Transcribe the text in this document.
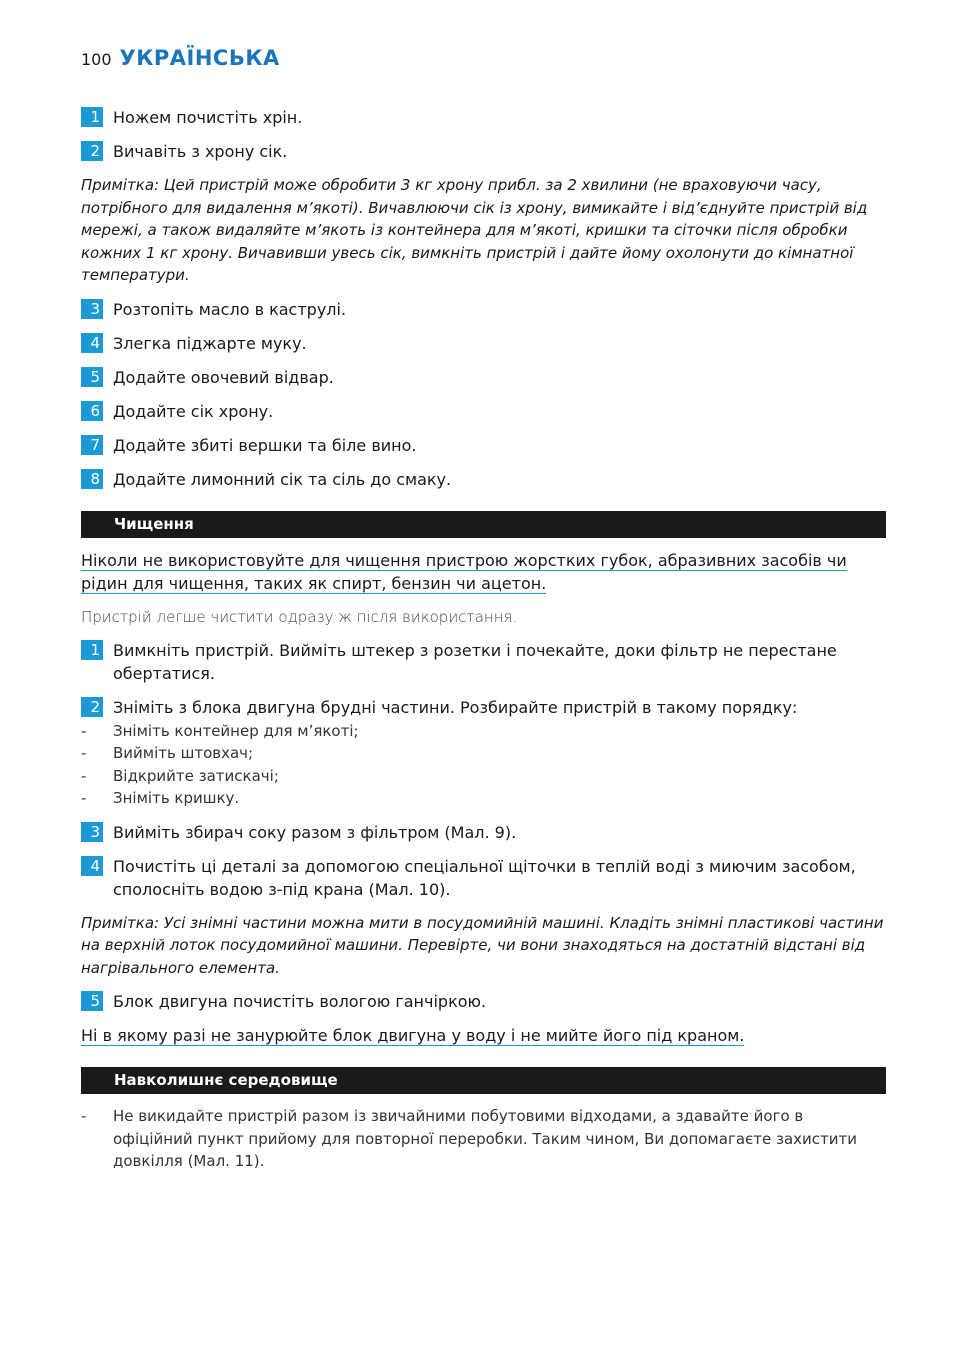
100 УКРАЇНСЬКА
1 Ножем почистіть хрін.
2 Вичавіть з хрону сік.

Примітка: Цей пристрій може обробити 3 кг хрону прибл. за 2 хвилини (не враховуючи часу, потрібного для видалення м’якоті). Вичавлюючи сік із хрону, вимикайте і від’єднуйте пристрій від мережі, а також видаляйте м’якоть із контейнера для м’якоті, кришки та сіточки після обробки кожних 1 кг хрону. Вичавивши увесь сік, вимкніть пристрій і дайте йому охолонути до кімнатної температури.

3 Розтопіть масло в каструлі.
4 Злегка піджарте муку.
5 Додайте овочевий відвар.
6 Додайте сік хрону.
7 Додайте збиті вершки та біле вино.
8 Додайте лимонний сік та сіль до смаку.
Чищення

Ніколи не використовуйте для чищення пристрою жорстких губок, абразивних засобів чи рідин для чищення, таких як спирт, бензин чи ацетон.

Пристрій легше чистити одразу ж після використання.

1 Вимкніть пристрій. Вийміть штекер з розетки і почекайте, доки фільтр не перестане обертатися.
2 Зніміть з блока двигуна брудні частини. Розбирайте пристрій в такому порядку:
-	Зніміть контейнер для м’якоті;
-	Вийміть штовхач;
-	Відкрийте затискачі;
-	Зніміть кришку.
3 Вийміть збирач соку разом з фільтром (Мал. 9).
4 Почистіть ці деталі за допомогою спеціальної щіточки в теплій воді з миючим засобом, сполосніть водою з-під крана (Мал. 10).

Примітка: Усі знімні частини можна мити в посудомийній машині. Кладіть знімні пластикові частини на верхній лоток посудомийної машини. Перевірте, чи вони знаходяться на достатній відстані від нагрівального елемента.

5 Блок двигуна почистіть вологою ганчіркою.

Ні в якому разі не занурюйте блок двигуна у воду і не мийте його під краном.

Навколишнє середовище
-	Не викидайте пристрій разом із звичайними побутовими відходами, а здавайте його в офіційний пункт прийому для повторної переробки. Таким чином, Ви допомагаєте захистити довкілля (Мал. 11).
